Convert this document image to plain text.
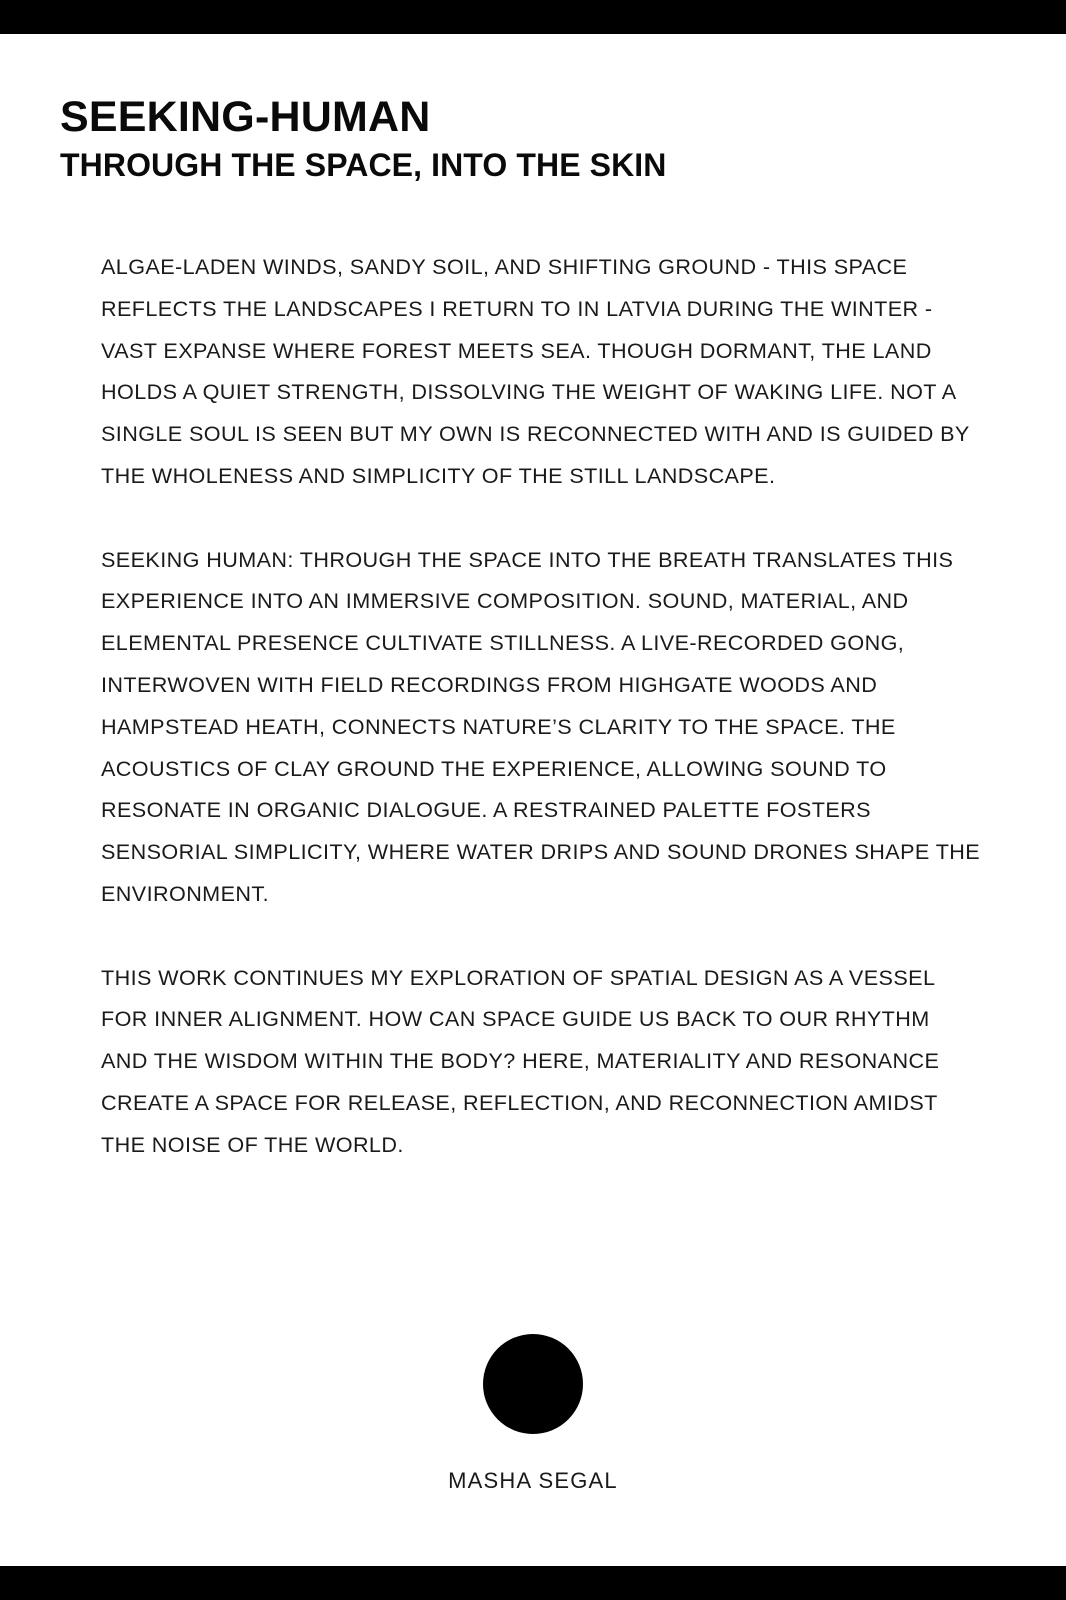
SEEKING-HUMAN
THROUGH THE SPACE, INTO THE SKIN

ALGAE-LADEN WINDS, SANDY SOIL, AND SHIFTING GROUND - THIS SPACE REFLECTS THE LANDSCAPES I RETURN TO IN LATVIA DURING THE WINTER - VAST EXPANSE WHERE FOREST MEETS SEA. THOUGH DORMANT, THE LAND HOLDS A QUIET STRENGTH, DISSOLVING THE WEIGHT OF WAKING LIFE. NOT A SINGLE SOUL IS SEEN BUT MY OWN IS RECONNECTED WITH AND IS GUIDED BY THE WHOLENESS AND SIMPLICITY OF THE STILL LANDSCAPE.

SEEKING HUMAN: THROUGH THE SPACE INTO THE BREATH TRANSLATES THIS EXPERIENCE INTO AN IMMERSIVE COMPOSITION. SOUND, MATERIAL, AND ELEMENTAL PRESENCE CULTIVATE STILLNESS. A LIVE-RECORDED GONG, INTERWOVEN WITH FIELD RECORDINGS FROM HIGHGATE WOODS AND HAMPSTEAD HEATH, CONNECTS NATURE’S CLARITY TO THE SPACE. THE ACOUSTICS OF CLAY GROUND THE EXPERIENCE, ALLOWING SOUND TO RESONATE IN ORGANIC DIALOGUE. A RESTRAINED PALETTE FOSTERS SENSORIAL SIMPLICITY, WHERE WATER DRIPS AND SOUND DRONES SHAPE THE ENVIRONMENT.

THIS WORK CONTINUES MY EXPLORATION OF SPATIAL DESIGN AS A VESSEL FOR INNER ALIGNMENT. HOW CAN SPACE GUIDE US BACK TO OUR RHYTHM AND THE WISDOM WITHIN THE BODY? HERE, MATERIALITY AND RESONANCE CREATE A SPACE FOR RELEASE, REFLECTION, AND RECONNECTION AMIDST THE NOISE OF THE WORLD.

MASHA SEGAL
